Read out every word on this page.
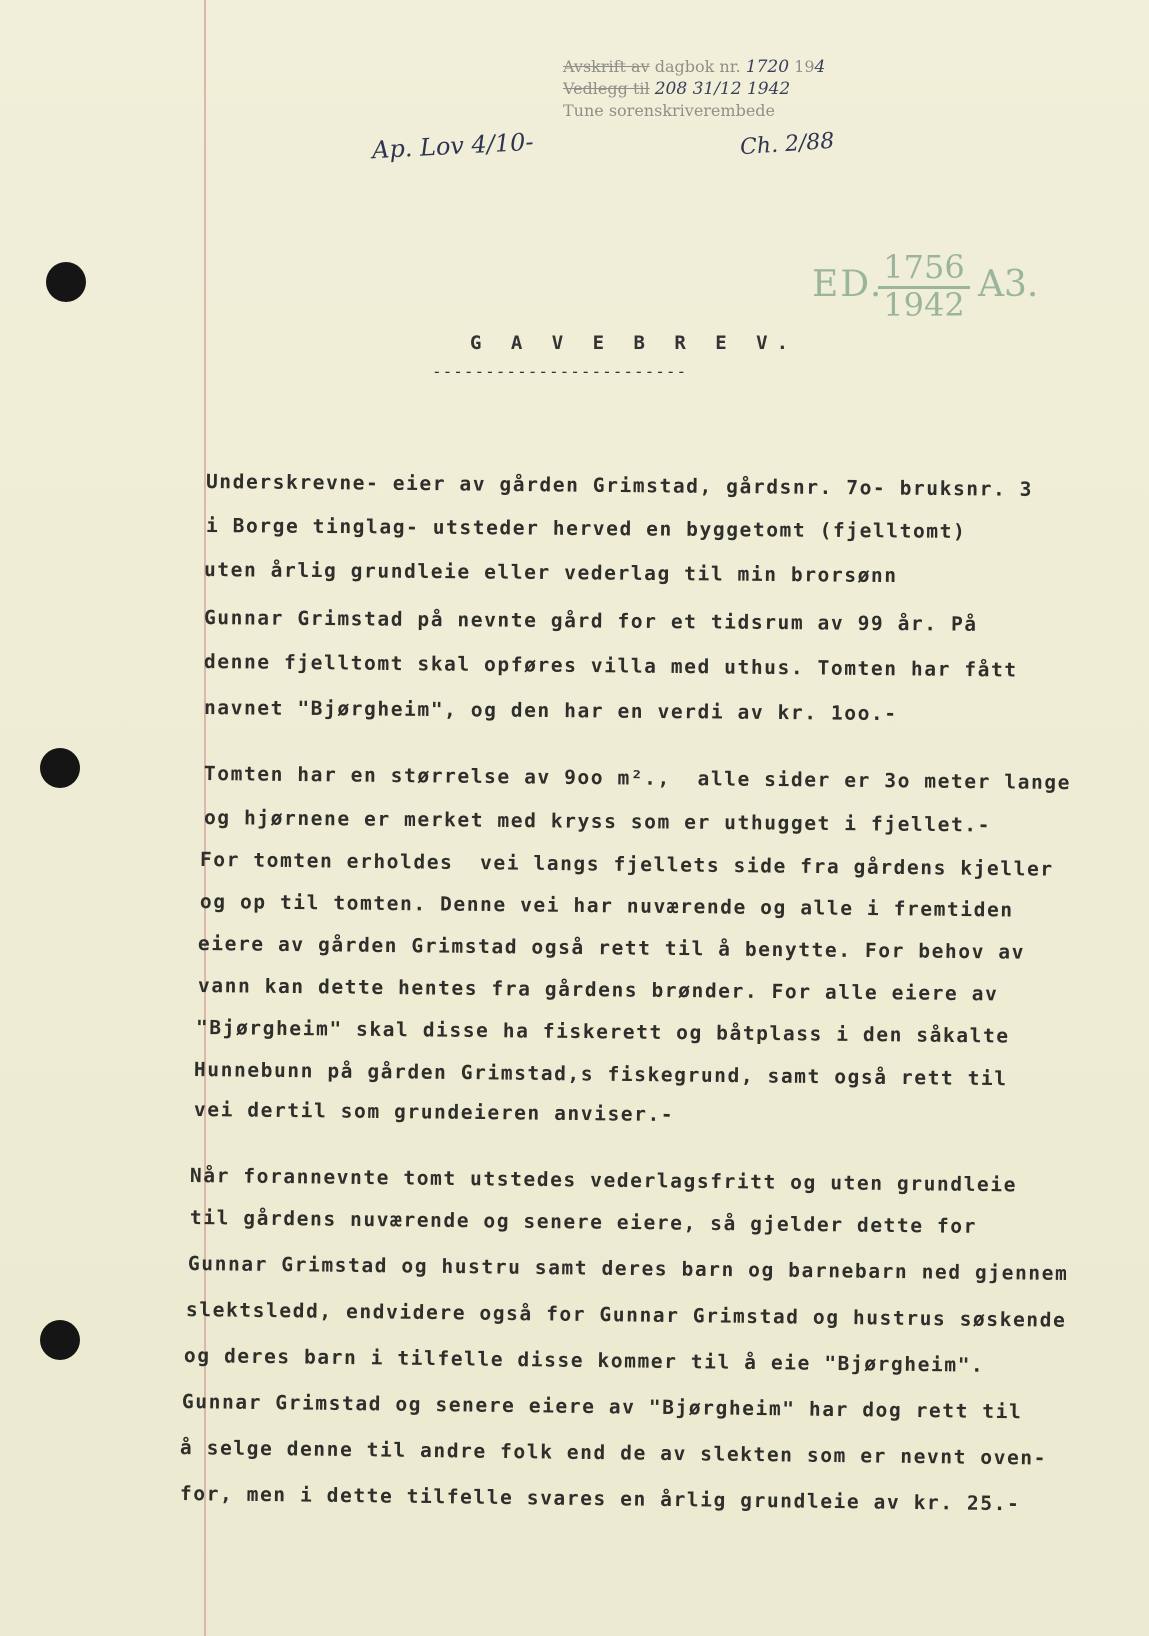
Avskrift av dagbok nr. 1720 194
Vedlegg til 208 31/12 1942
Tune sorenskriverembede
Ap. Lov 4/10-	Ch. 2/88
ED. 1756
1942 A3.
G A V E B R E V.
------------------------
Underskrevne- eier av gården Grimstad, gårdsnr. 7o- bruksnr. 3
i Borge tinglag- utsteder herved en byggetomt (fjelltomt)
uten årlig grundleie eller vederlag til min brorsønn
Gunnar Grimstad på nevnte gård for et tidsrum av 99 år. På
denne fjelltomt skal opføres villa med uthus. Tomten har fått
navnet "Bjørgheim", og den har en verdi av kr. 1oo.-
Tomten har en størrelse av 9oo m².,  alle sider er 3o meter lange
og hjørnene er merket med kryss som er uthugget i fjellet.-
For tomten erholdes  vei langs fjellets side fra gårdens kjeller
og op til tomten. Denne vei har nuværende og alle i fremtiden
eiere av gården Grimstad også rett til å benytte. For behov av
vann kan dette hentes fra gårdens brønder. For alle eiere av
"Bjørgheim" skal disse ha fiskerett og båtplass i den såkalte
Hunnebunn på gården Grimstad,s fiskegrund, samt også rett til
vei dertil som grundeieren anviser.-
Når forannevnte tomt utstedes vederlagsfritt og uten grundleie
til gårdens nuværende og senere eiere, så gjelder dette for
Gunnar Grimstad og hustru samt deres barn og barnebarn ned gjennem
slektsledd, endvidere også for Gunnar Grimstad og hustrus søskende
og deres barn i tilfelle disse kommer til å eie "Bjørgheim".
Gunnar Grimstad og senere eiere av "Bjørgheim" har dog rett til
å selge denne til andre folk end de av slekten som er nevnt oven-
for, men i dette tilfelle svares en årlig grundleie av kr. 25.-
